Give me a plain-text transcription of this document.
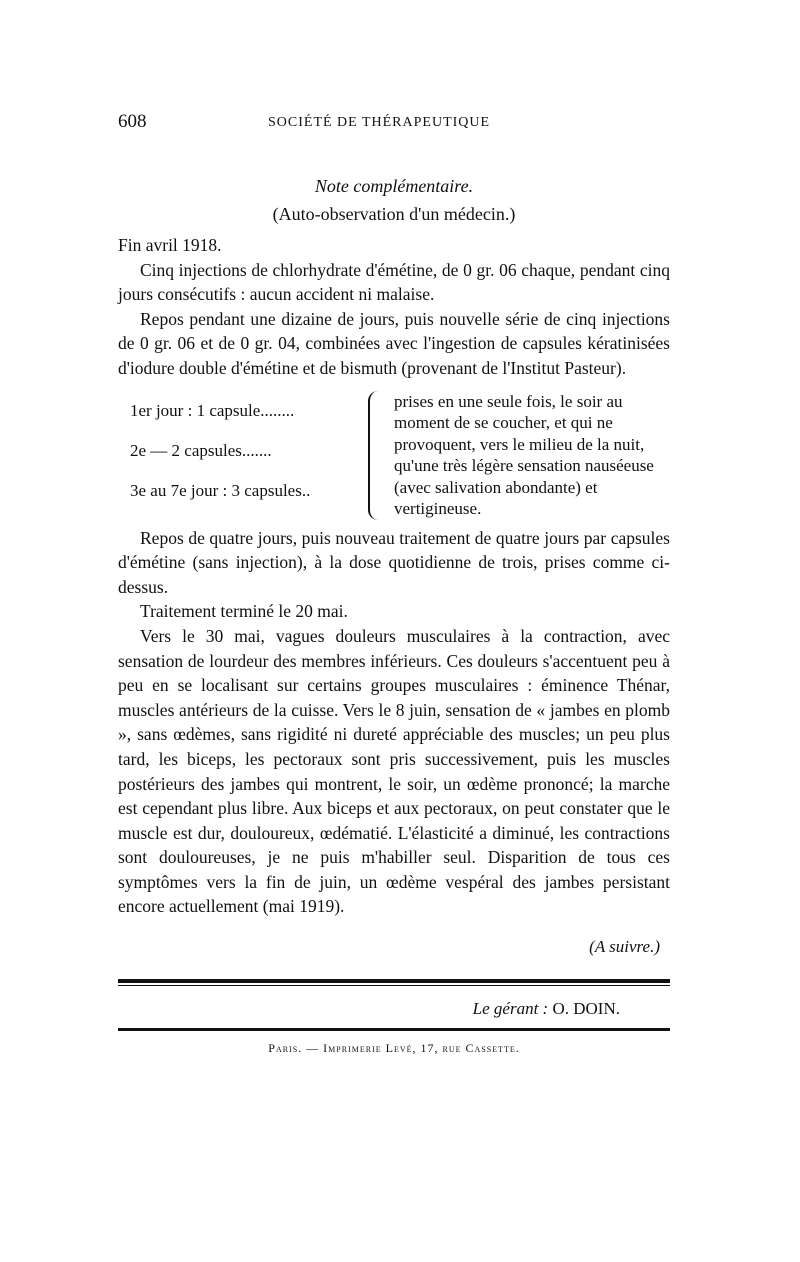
608	SOCIÉTÉ DE THÉRAPEUTIQUE
Note complémentaire.
(Auto-observation d'un médecin.)

Fin avril 1918.

Cinq injections de chlorhydrate d'émétine, de 0 gr. 06 chaque, pendant cinq jours consécutifs : aucun accident ni malaise.

Repos pendant une dizaine de jours, puis nouvelle série de cinq injections de 0 gr. 06 et de 0 gr. 04, combinées avec l'ingestion de capsules kératinisées d'iodure double d'émétine et de bismuth (provenant de l'Institut Pasteur).

1er jour : 1 capsule........
2e — 2 capsules.......
3e au 7e jour : 3 capsules..
prises en une seule fois, le soir au moment de se coucher, et qui ne provoquent, vers le milieu de la nuit, qu'une très légère sensation nauséeuse (avec salivation abondante) et vertigineuse.

Repos de quatre jours, puis nouveau traitement de quatre jours par capsules d'émétine (sans injection), à la dose quotidienne de trois, prises comme ci-dessus.

Traitement terminé le 20 mai.

Vers le 30 mai, vagues douleurs musculaires à la contraction, avec sensation de lourdeur des membres inférieurs. Ces douleurs s'accentuent peu à peu en se localisant sur certains groupes musculaires : éminence Thénar, muscles antérieurs de la cuisse. Vers le 8 juin, sensation de « jambes en plomb », sans œdèmes, sans rigidité ni dureté appréciable des muscles; un peu plus tard, les biceps, les pectoraux sont pris successivement, puis les muscles postérieurs des jambes qui montrent, le soir, un œdème prononcé; la marche est cependant plus libre. Aux biceps et aux pectoraux, on peut constater que le muscle est dur, douloureux, œdématié. L'élasticité a diminué, les contractions sont douloureuses, je ne puis m'habiller seul. Disparition de tous ces symptômes vers la fin de juin, un œdème vespéral des jambes persistant encore actuellement (mai 1919).

(A suivre.)
Le gérant : O. DOIN.
Paris. — Imprimerie Levé, 17, rue Cassette.
